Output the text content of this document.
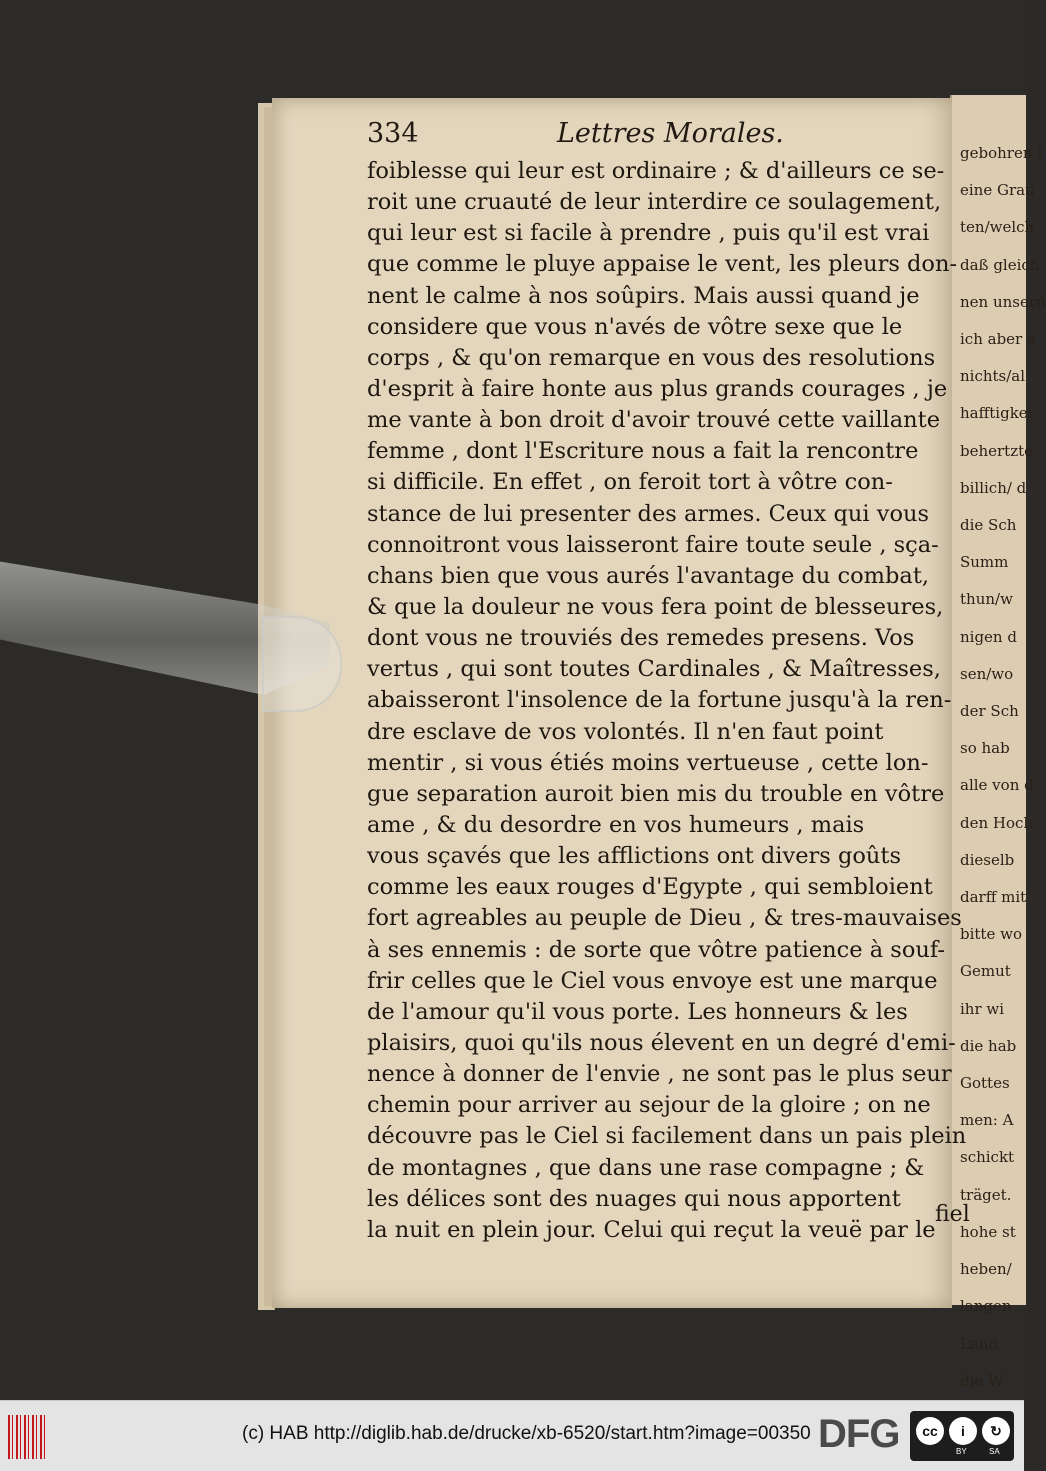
gebohren i
eine Grau
ten/welch
daß gleich
nen unsern
ich aber a
nichts/al
hafftigkei
behertzte
billich/ d
die Sch
Summ
thun/w
nigen d
sen/wo
der Sch
so hab
alle von d
den Hoch
dieselb
darff mit
bitte wo
Gemut
ihr wi
die hab
Gottes
men: A
schickt
träget.
hohe st
heben/
langen
Land
die W
334	Lettres Morales.
foiblesse qui leur est ordinaire ; & d'ailleurs ce se-
roit une cruauté de leur interdire ce soulagement,
qui leur est si facile à prendre , puis qu'il est vrai
que comme le pluye appaise le vent, les pleurs don-
nent le calme à nos soûpirs. Mais aussi quand je
considere que vous n'avés de vôtre sexe que le
corps , & qu'on remarque en vous des resolutions
d'esprit à faire honte aus plus grands courages , je
me vante à bon droit d'avoir trouvé cette vaillante
femme , dont l'Escriture nous a fait la rencontre
si difficile. En effet , on feroit tort à vôtre con-
stance de lui presenter des armes. Ceux qui vous
connoitront vous laisseront faire toute seule , sça-
chans bien que vous aurés l'avantage du combat,
& que la douleur ne vous fera point de blesseures,
dont vous ne trouviés des remedes presens. Vos
vertus , qui sont toutes Cardinales , & Maîtresses,
abaisseront l'insolence de la fortune jusqu'à la ren-
dre esclave de vos volontés. Il n'en faut point
mentir , si vous étiés moins vertueuse , cette lon-
gue separation auroit bien mis du trouble en vôtre
ame , & du desordre en vos humeurs , mais
vous sçavés que les afflictions ont divers goûts
comme les eaux rouges d'Egypte , qui sembloient
fort agreables au peuple de Dieu , & tres-mauvaises
à ses ennemis : de sorte que vôtre patience à souf-
frir celles que le Ciel vous envoye est une marque
de l'amour qu'il vous porte. Les honneurs & les
plaisirs, quoi qu'ils nous élevent en un degré d'emi-
nence à donner de l'envie , ne sont pas le plus seur
chemin pour arriver au sejour de la gloire ; on ne
découvre pas le Ciel si facilement dans un pais plein
de montagnes , que dans une rase compagne ; &
les délices sont des nuages qui nous apportent
la nuit en plein jour. Celui qui reçut la veuë par le
fiel
(c) HAB http://diglib.hab.de/drucke/xb-6520/start.htm?image=00350 DFG	cc	i	↻
BY	SA
